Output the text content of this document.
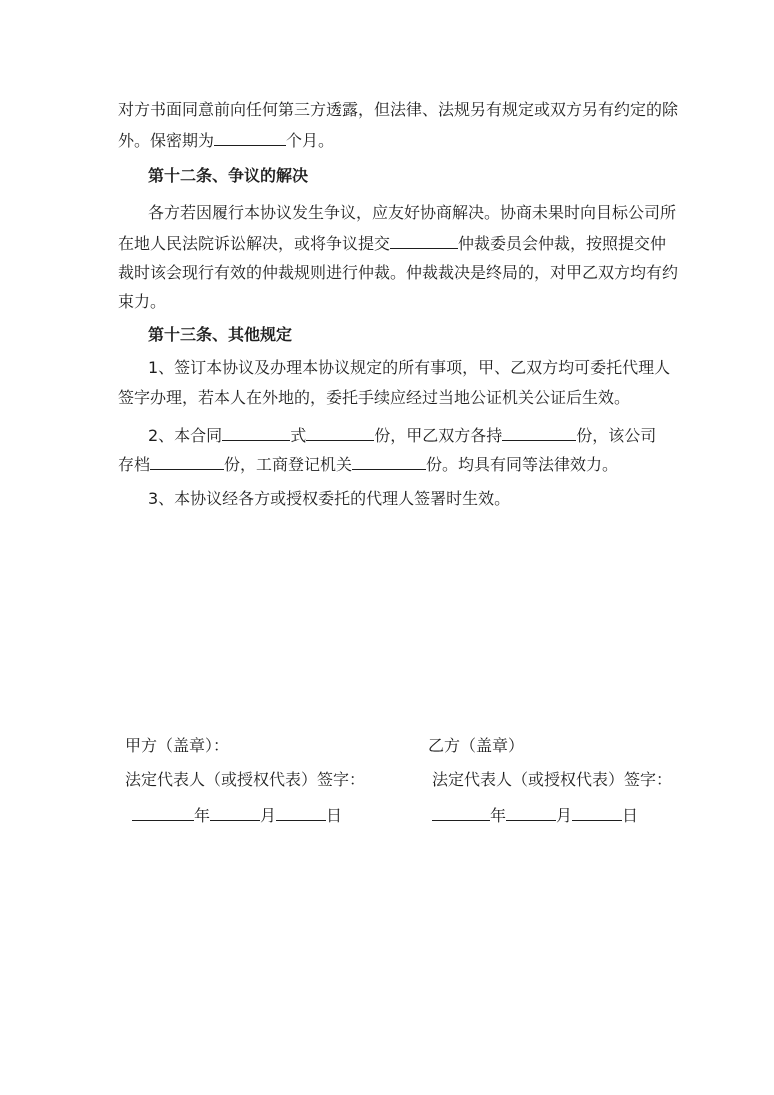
对方书面同意前向任何第三方透露，但法律、法规另有规定或双方另有约定的除
外。保密期为	个月。
第十二条、争议的解决
各方若因履行本协议发生争议，应友好协商解决。协商未果时向目标公司所
在地人民法院诉讼解决，或将争议提交	仲裁委员会仲裁，按照提交仲
裁时该会现行有效的仲裁规则进行仲裁。仲裁裁决是终局的，对甲乙双方均有约
束力。
第十三条、其他规定
1、签订本协议及办理本协议规定的所有事项，甲、乙双方均可委托代理人
签字办理，若本人在外地的，委托手续应经过当地公证机关公证后生效。
2、本合同	式	份，甲乙双方各持	份，该公司
存档	份，工商登记机关	份。均具有同等法律效力。
3、本协议经各方或授权委托的代理人签署时生效。
甲方（盖章）：
法定代表人（或授权代表）签字：
年	月	日
乙方（盖章）
法定代表人（或授权代表）签字：
年	月	日
